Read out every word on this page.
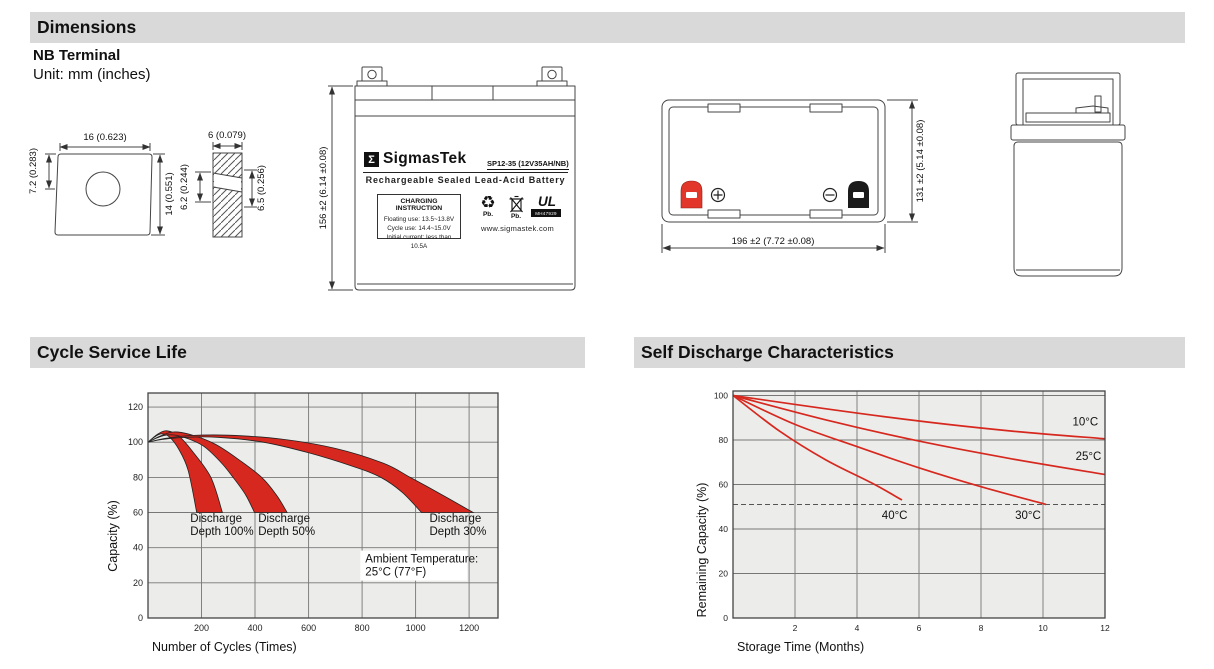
Dimensions
NB Terminal
Unit: mm (inches)
16 (0.623)
7.2 (0.283)
14 (0.551)
6 (0.079)
6.2 (0.244)	6.5 (0.256)	156 ±2 (6.14 ±0.08)	Σ SigmasTek	SP12-35 (12V35AH/NB)
Rechargeable Sealed Lead-Acid Battery
CHARGING INSTRUCTION
Floating use: 13.5~13.8V
Cycle use: 14.4~15.0V
Initial current: less than 10.5A
♻
Pb.	Pb.
UL
MH47929
www.sigmastek.com
196 ±2 (7.72 ±0.08)
131 ±2 (5.14 ±0.08)
Cycle Service Life	Self Discharge Characteristics
0
20
40
60
80
100
120
200	400	600	800	1000	1200
Discharge
Depth 100%
Discharge
Depth 50%
Discharge
Depth 30%
Ambient Temperature:
25°C (77°F)
Number of Cycles (Times)
Capacity (%)
10°C
25°C
30°C
40°C
0
20
40
60
80
100
2	4	6	8	10	12
Storage Time (Months)
Remaining Capacity (%)
